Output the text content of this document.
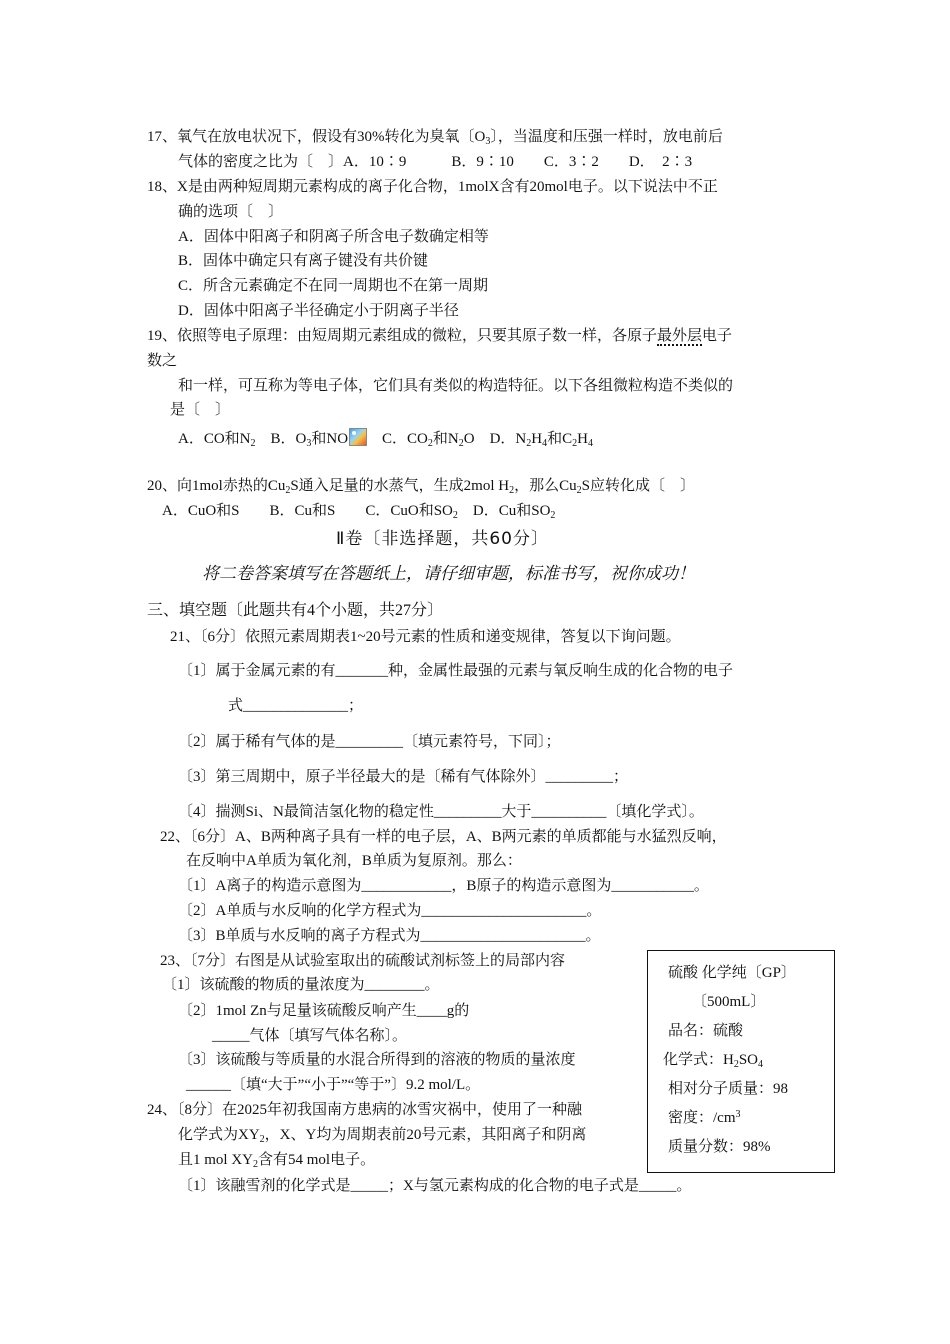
17、氧气在放电状况下，假设有30%转化为臭氧〔$O_3$〕，当温度和压强一样时，放电前后
气体的密度之比为〔　〕A．10∶9　　　B．9∶10　　C．3∶2　　D．　2∶3
18、X是由两种短周期元素构成的离子化合物，1molX含有20mol电子。以下说法中不正
确的选项〔　〕
A．固体中阳离子和阴离子所含电子数确定相等
B．固体中确定只有离子键没有共价键
C．所含元素确定不在同一周期也不在第一周期
D．固体中阳离子半径确定小于阴离子半径
19、依照等电子原理：由短周期元素组成的微粒，只要其原子数一样，各原子最外层电子
数之
和一样，可互称为等电子体，它们具有类似的构造特征。以下各组微粒构造不类似的
是〔　〕
A．CO和$N_2$　B．$O_3$和NO　C．$CO_2$和$N_2O$　D．$N_2H_4$和$C_2H_4$
20、向1mol赤热的$Cu_2S$通入足量的水蒸气，生成2mol $H_2$，那么$Cu_2S$应转化成〔　〕
A．CuO和S　　B．Cu和S　　C．CuO和$SO_2$　D．Cu和$SO_2$
Ⅱ卷〔非选择题，共60分〕
将二卷答案填写在答题纸上，请仔细审题，标准书写，祝你成功！
三、填空题〔此题共有4个小题，共27分〕
21、〔6分〕依照元素周期表1~20号元素的性质和递变规律，答复以下询问题。
〔1〕属于金属元素的有_______种，金属性最强的元素与氧反响生成的化合物的电子
式______________；
〔2〕属于稀有气体的是_________〔填元素符号，下同〕；
〔3〕第三周期中，原子半径最大的是〔稀有气体除外〕_________；
〔4〕揣测Si、N最简洁氢化物的稳定性_________大于__________〔填化学式〕。
22、〔6分〕A、B两种离子具有一样的电子层，A、B两元素的单质都能与水猛烈反响，
在反响中A单质为氧化剂，B单质为复原剂。那么：
〔1〕A离子的构造示意图为____________，B原子的构造示意图为___________。
〔2〕A单质与水反响的化学方程式为______________________。
〔3〕B单质与水反响的离子方程式为______________________。
23、〔7分〕右图是从试验室取出的硫酸试剂标签上的局部内容
〔1〕该硫酸的物质的量浓度为________。
〔2〕1mol Zn与足量该硫酸反响产生____g的
_____气体〔填写气体名称〕。
〔3〕该硫酸与等质量的水混合所得到的溶液的物质的量浓度
______〔填“大于”“小于”“等于”〕9.2 mol/L。
24、〔8分〕在2025年初我国南方患病的冰雪灾祸中，使用了一种融
化学式为$XY_2$，X、Y均为周期表前20号元素，其阳离子和阴离
且1 mol $XY_2$含有54 mol电子。
〔1〕该融雪剂的化学式是_____；X与氢元素构成的化合物的电子式是_____。
硫酸 化学纯〔GP〕
〔500mL〕
品名：硫酸
化学式：$H_2SO_4$
相对分子质量：98
密度：$/cm^3$
质量分数：98%
